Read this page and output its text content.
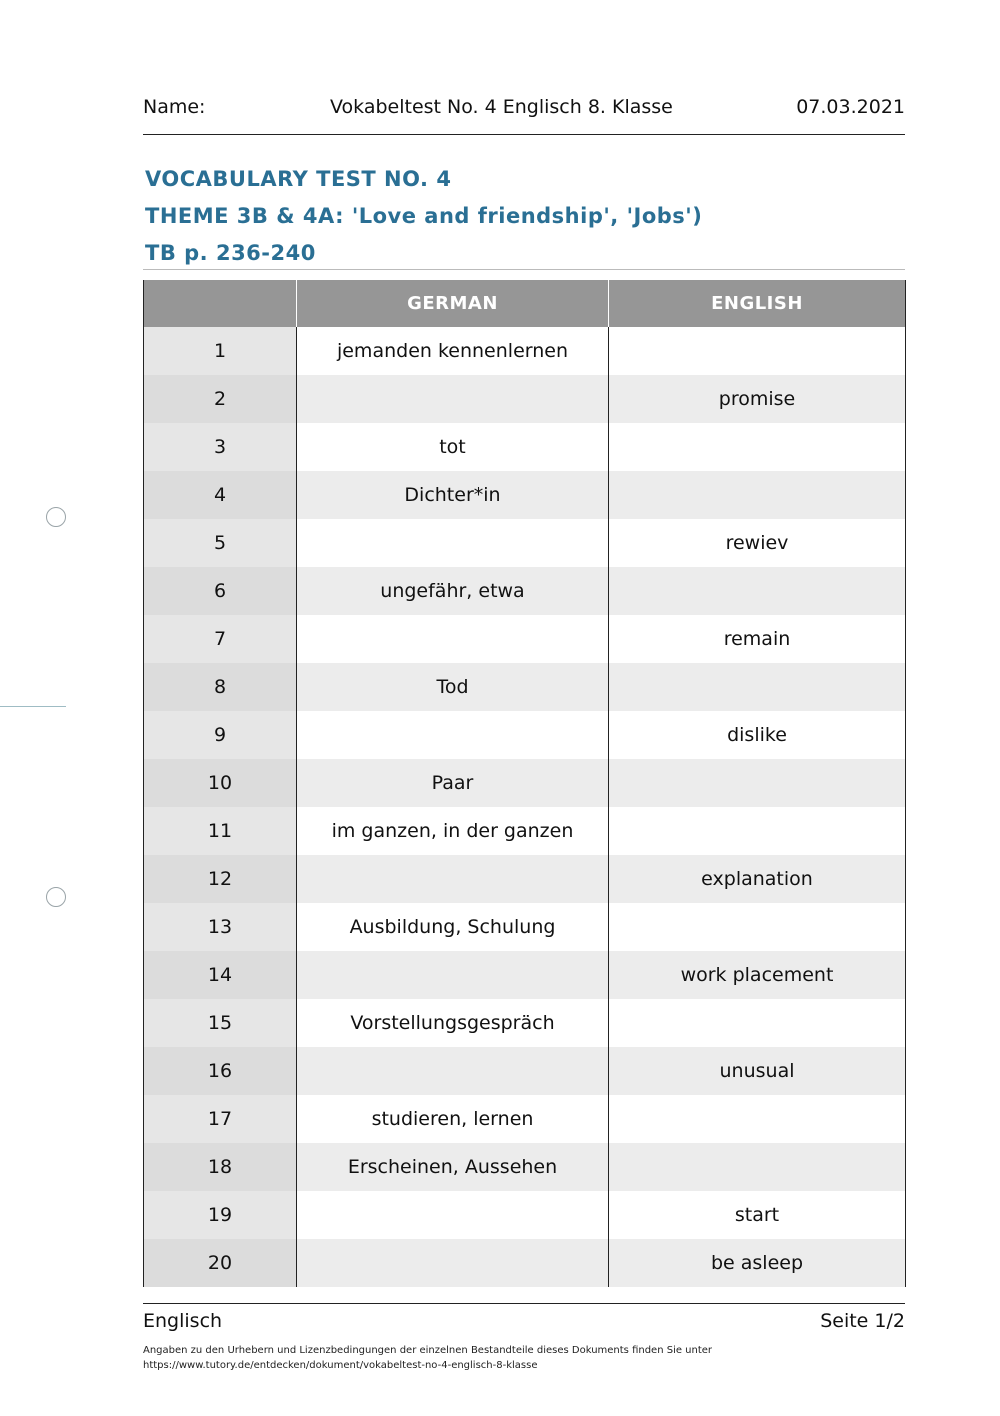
Name:	Vokabeltest No. 4 Englisch 8. Klasse	07.03.2021
VOCABULARY TEST NO. 4
THEME 3B & 4A: 'Love and friendship', 'Jobs')
TB p. 236-240
	GERMAN	ENGLISH
1	jemanden kennenlernen	
2		promise
3	tot	
4	Dichter*in	
5		rewiev
6	ungefähr, etwa	
7		remain
8	Tod	
9		dislike
10	Paar	
11	im ganzen, in der ganzen	
12		explanation
13	Ausbildung, Schulung	
14		work placement
15	Vorstellungsgespräch	
16		unusual
17	studieren, lernen	
18	Erscheinen, Aussehen	
19		start
20		be asleep
Englisch	Seite 1/2
Angaben zu den Urhebern und Lizenzbedingungen der einzelnen Bestandteile dieses Dokuments finden Sie unter
https://www.tutory.de/entdecken/dokument/vokabeltest-no-4-englisch-8-klasse
